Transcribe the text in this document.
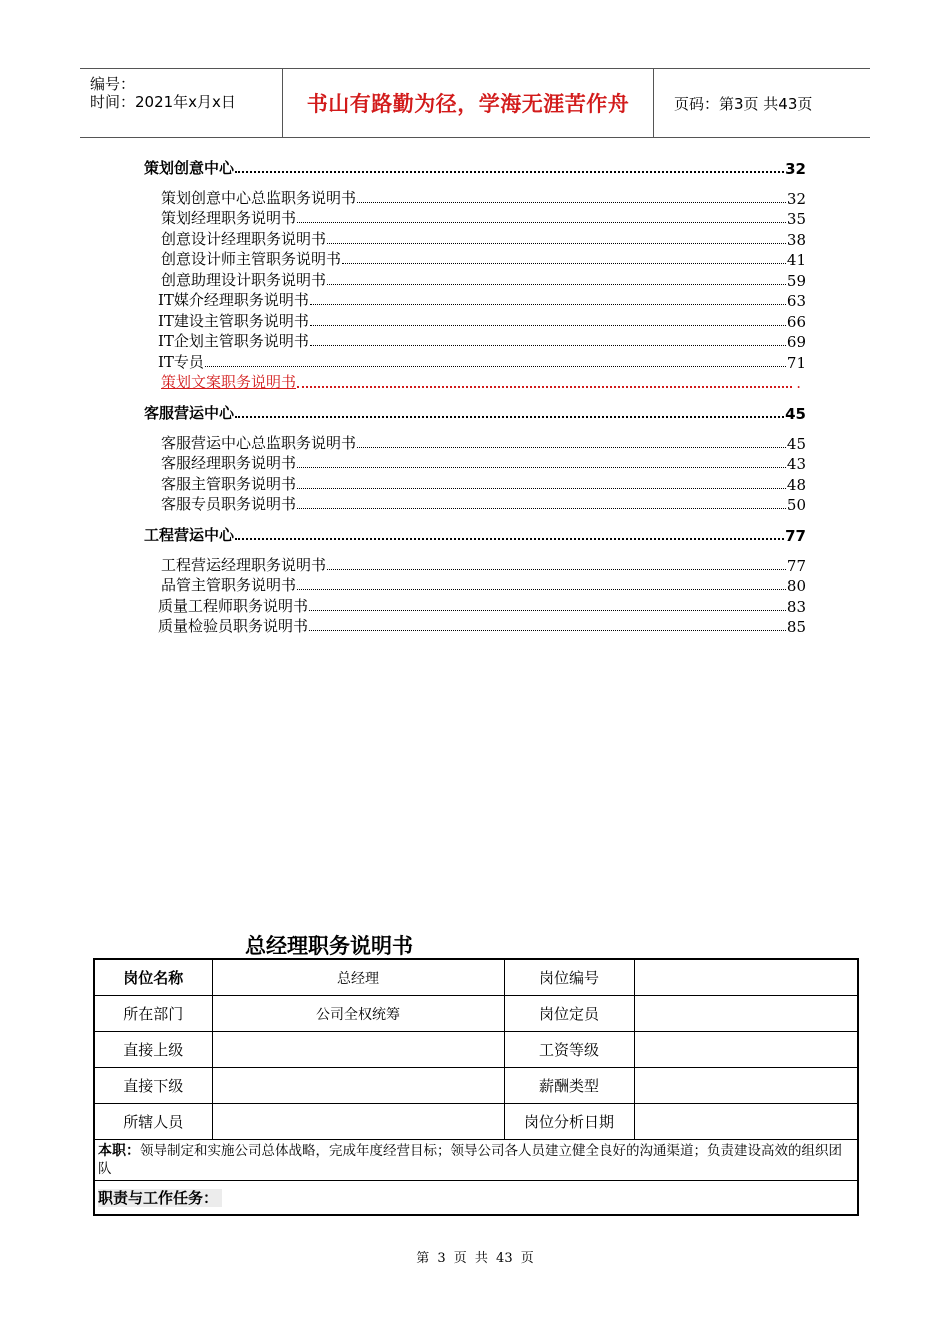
编号：
时间：2021年x月x日	书山有路勤为径，学海无涯苦作舟	页码：第3页 共43页
策划创意中心	32
策划创意中心总监职务说明书	32
策划经理职务说明书	35
创意设计经理职务说明书	38
创意设计师主管职务说明书	41
创意助理设计职务说明书	59
IT媒介经理职务说明书	63
IT建设主管职务说明书	66
IT企划主管职务说明书	69
IT专员	71
策划文案职务说明书	.
客服营运中心	45
客服营运中心总监职务说明书	45
客服经理职务说明书	43
客服主管职务说明书	48
客服专员职务说明书	50
工程营运中心	77
工程营运经理职务说明书	77
品管主管职务说明书	80
质量工程师职务说明书	83
质量检验员职务说明书	85
总经理职务说明书
岗位名称	总经理	岗位编号	
所在部门	公司全权统筹	岗位定员	
直接上级		工资等级	
直接下级		薪酬类型	
所辖人员		岗位分析日期	
本职：领导制定和实施公司总体战略，完成年度经营目标；领导公司各人员建立健全良好的沟通渠道；负责建设高效的组织团队			
职责与工作任务：			
第 3 页 共 43 页
